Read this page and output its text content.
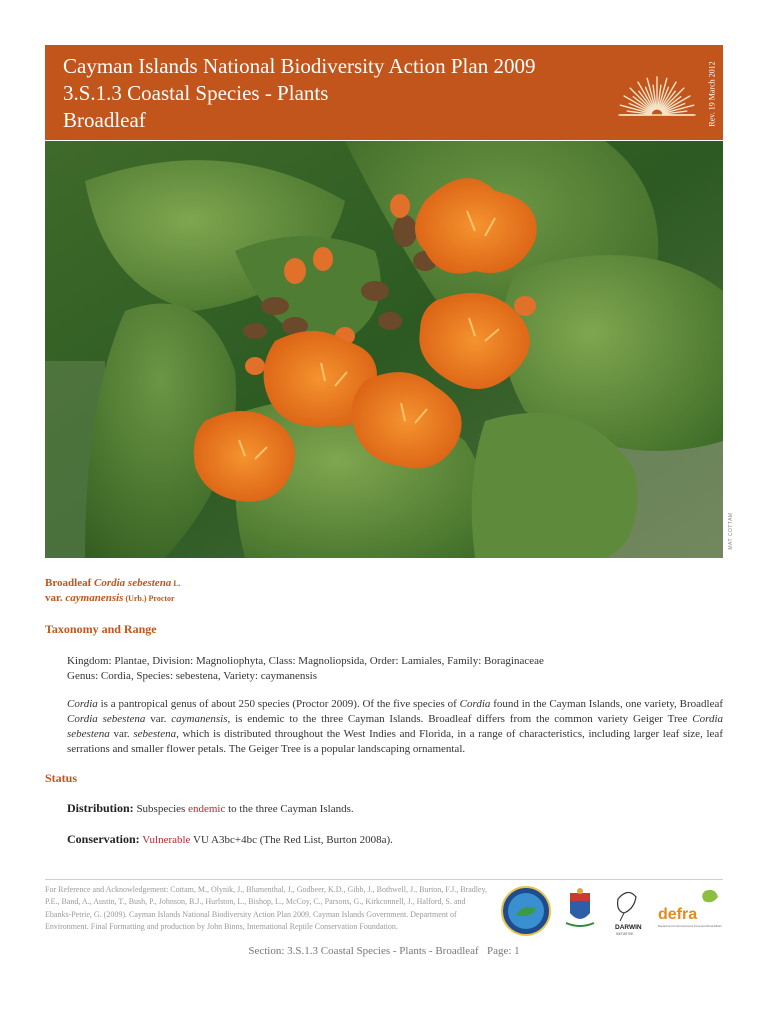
Cayman Islands National Biodiversity Action Plan 2009
3.S.1.3 Coastal Species - Plants
Broadleaf	Rev. 19 March 2012
MAT COTTAM
Broadleaf Cordia sebestena L.
var. caymanensis (Urb.) Proctor
Taxonomy and Range
Kingdom: Plantae, Division: Magnoliophyta, Class: Magnoliopsida, Order: Lamiales, Family: Boraginaceae
Genus: Cordia, Species: sebestena, Variety: caymanensis
Cordia is a pantropical genus of about 250 species (Proctor 2009). Of the five species of Cordia found in the Cayman Islands, one variety, Broadleaf Cordia sebestena var. caymanensis, is endemic to the three Cayman Islands. Broadleaf differs from the common variety Geiger Tree Cordia sebestena var. sebestena, which is distributed throughout the West Indies and Florida, in a range of characteristics, including larger leaf size, leaf serrations and smaller flower petals. The Geiger Tree is a popular landscaping ornamental.
Status
Distribution: Subspecies endemic to the three Cayman Islands.
Conservation: Vulnerable VU A3bc+4bc (The Red List, Burton 2008a).
For Reference and Acknowledgement: Cottam, M., Olynik, J., Blumenthal, J., Godbeer, K.D., Gibb, J., Bothwell, J., Burton, F.J., Bradley, P.E., Band, A., Austin, T., Bush, P., Johnson, B.J., Hurlston, L., Bishop, L., McCoy, C., Parsons, G., Kirkconnell, J., Halford, S. and Ebanks-Petrie, G. (2009). Cayman Islands National Biodiversity Action Plan 2009. Cayman Islands Government. Department of Environment. Final Formatting and production by John Binns, International Reptile Conservation Foundation.	DARWIN
INITIATIVE
defra
Department for Environment Food and Rural Affairs
Section: 3.S.1.3 Coastal Species - Plants - Broadleaf Page: 1
